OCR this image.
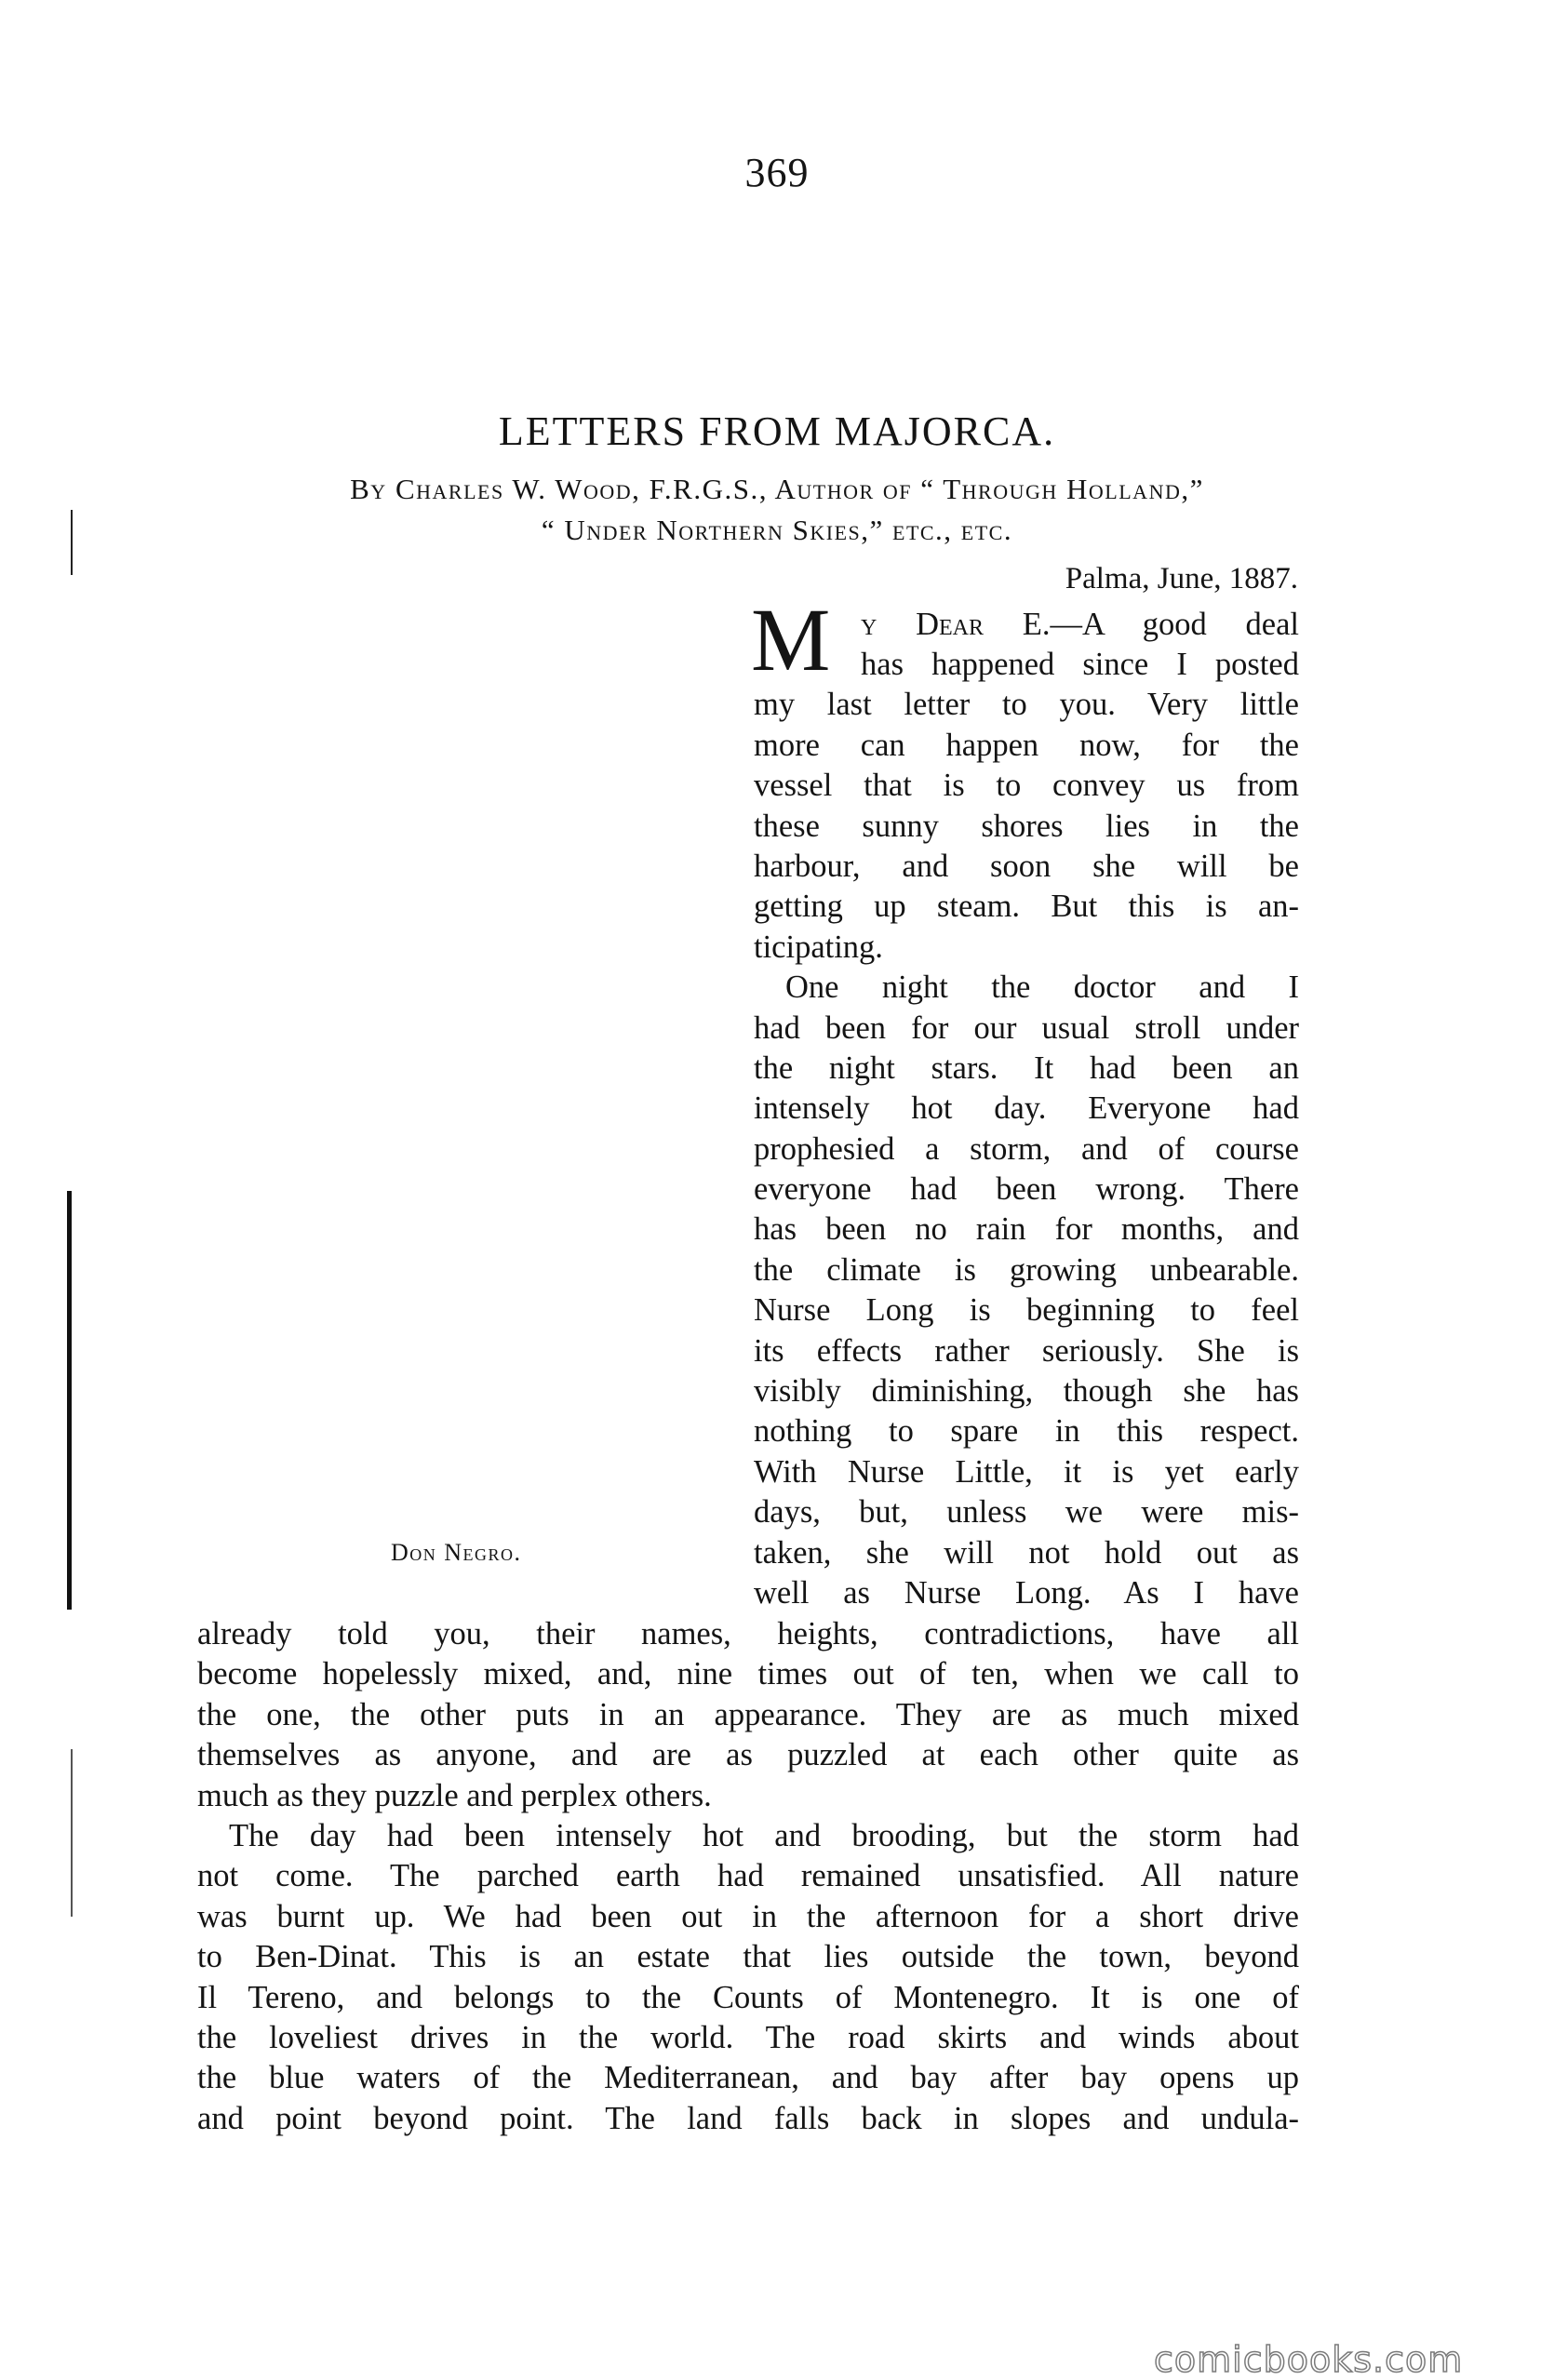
369
LETTERS FROM MAJORCA.
By Charles W. Wood, F.R.G.S., Author of “ Through Holland,”
“ Under Northern Skies,” etc., etc.
Palma, June, 1887.
Don Negro.
M y Dear E.—A good deal
has happened since I posted
my last letter to you. Very little
more can happen now, for the
vessel that is to convey us from
these sunny shores lies in the
harbour, and soon she will be
getting up steam. But this is an-
ticipating.
One night the doctor and I
had been for our usual stroll under
the night stars. It had been an
intensely hot day. Everyone had
prophesied a storm, and of course
everyone had been wrong. There
has been no rain for months, and
the climate is growing unbearable.
Nurse Long is beginning to feel
its effects rather seriously. She is
visibly diminishing, though she has
nothing to spare in this respect.
With Nurse Little, it is yet early
days, but, unless we were mis-
taken, she will not hold out as
well as Nurse Long. As I have
already told you, their names, heights, contradictions, have all
become hopelessly mixed, and, nine times out of ten, when we call to
the one, the other puts in an appearance. They are as much mixed
themselves as anyone, and are as puzzled at each other quite as
much as they puzzle and perplex others.
The day had been intensely hot and brooding, but the storm had
not come. The parched earth had remained unsatisfied. All nature
was burnt up. We had been out in the afternoon for a short drive
to Ben-Dinat. This is an estate that lies outside the town, beyond
Il Tereno, and belongs to the Counts of Montenegro. It is one of
the loveliest drives in the world. The road skirts and winds about
the blue waters of the Mediterranean, and bay after bay opens up
and point beyond point. The land falls back in slopes and undula-
comicbooks.com
